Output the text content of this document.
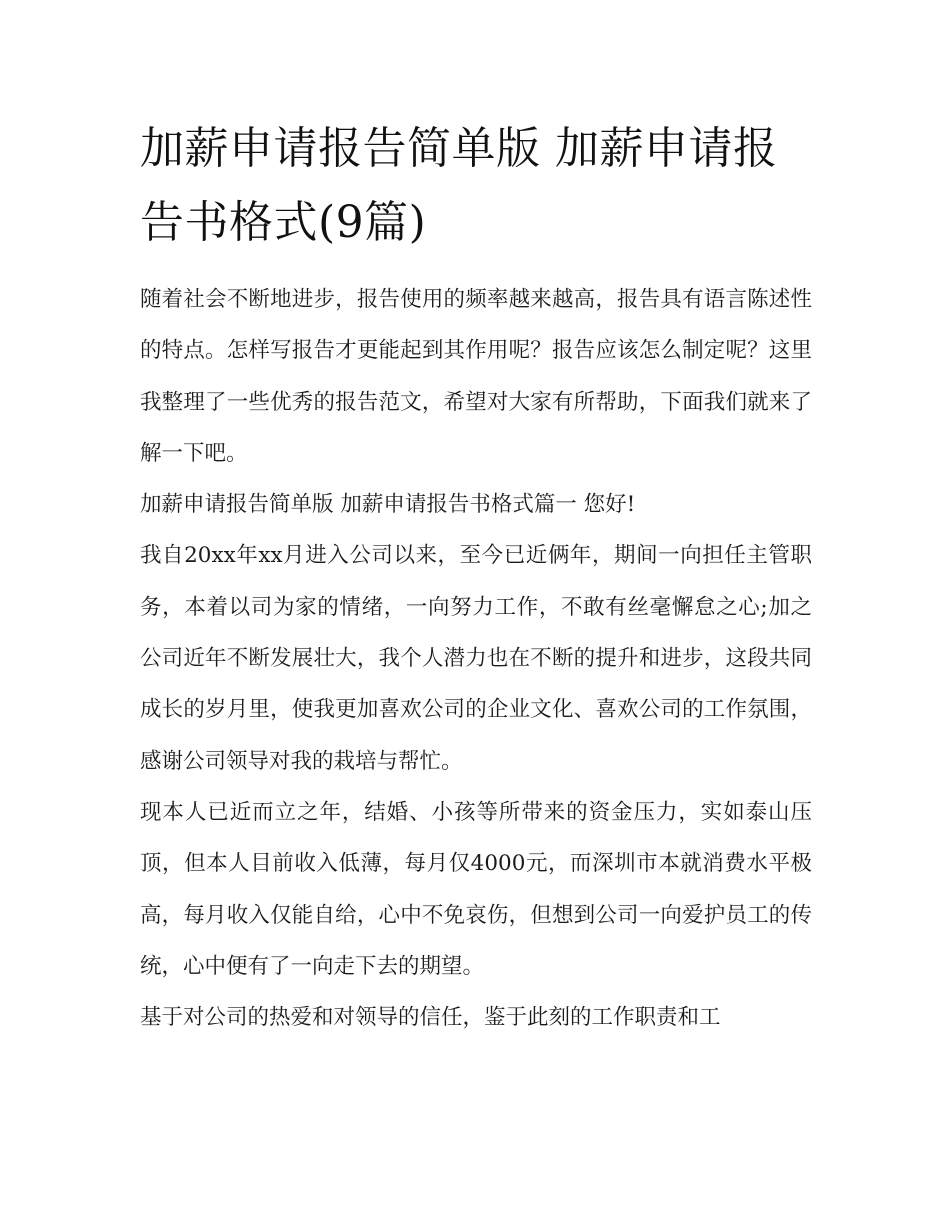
加薪申请报告简单版 加薪申请报告书格式(9篇)

随着社会不断地进步，报告使用的频率越来越高，报告具有语言陈述性的特点。怎样写报告才更能起到其作用呢？报告应该怎么制定呢？这里我整理了一些优秀的报告范文，希望对大家有所帮助，下面我们就来了解一下吧。

加薪申请报告简单版 加薪申请报告书格式篇一 您好!

我自20xx年xx月进入公司以来，至今已近俩年，期间一向担任主管职务，本着以司为家的情绪，一向努力工作，不敢有丝毫懈怠之心;加之公司近年不断发展壮大，我个人潜力也在不断的提升和进步，这段共同成长的岁月里，使我更加喜欢公司的企业文化、喜欢公司的工作氛围，感谢公司领导对我的栽培与帮忙。

现本人已近而立之年，结婚、小孩等所带来的资金压力，实如泰山压顶，但本人目前收入低薄，每月仅4000元，而深圳市本就消费水平极高，每月收入仅能自给，心中不免哀伤，但想到公司一向爱护员工的传统，心中便有了一向走下去的期望。

基于对公司的热爱和对领导的信任，鉴于此刻的工作职责和工
